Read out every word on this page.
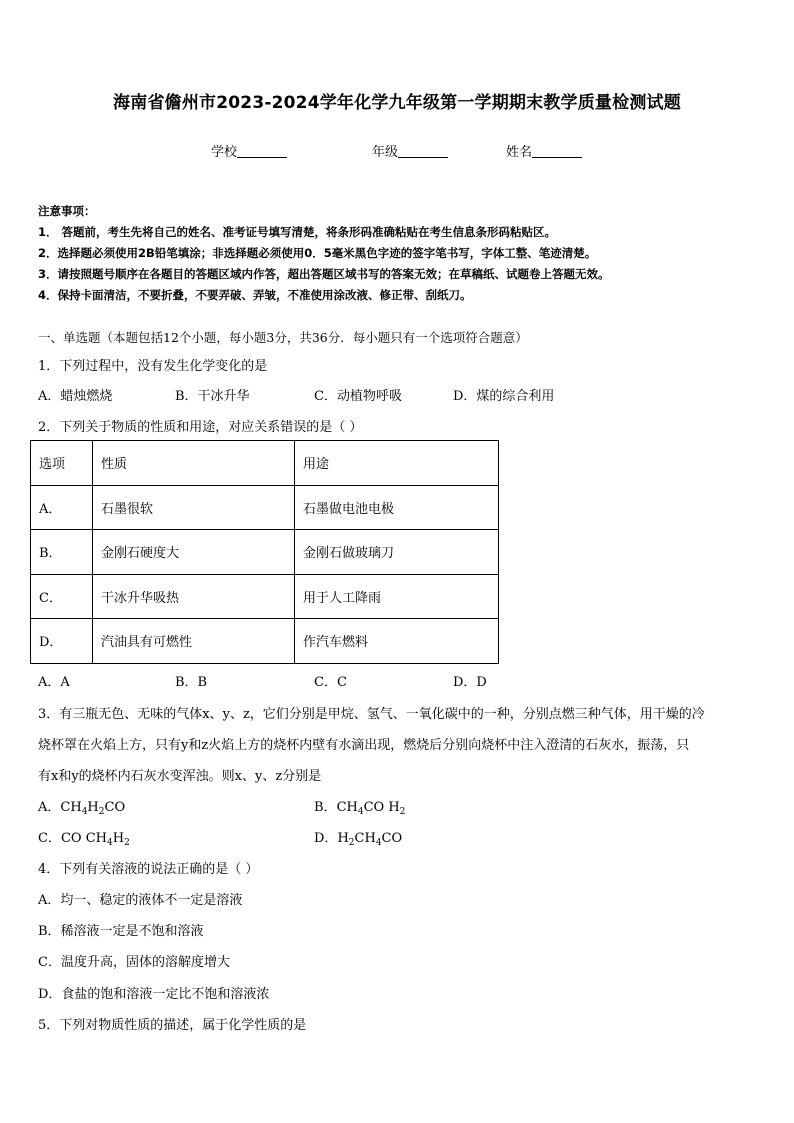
海南省儋州市2023-2024学年化学九年级第一学期期末教学质量检测试题
学校	年级	姓名
注意事项：
1． 答题前，考生先将自己的姓名、准考证号填写清楚，将条形码准确粘贴在考生信息条形码粘贴区。
2．选择题必须使用2B铅笔填涂；非选择题必须使用0．5毫米黑色字迹的签字笔书写，字体工整、笔迹清楚。
3．请按照题号顺序在各题目的答题区域内作答，超出答题区域书写的答案无效；在草稿纸、试题卷上答题无效。
4．保持卡面清洁，不要折叠，不要弄破、弄皱，不准使用涂改液、修正带、刮纸刀。
一、单选题（本题包括12个小题，每小题3分，共36分．每小题只有一个选项符合题意）
1．下列过程中，没有发生化学变化的是
A．蜡烛燃烧	B．干冰升华	C．动植物呼吸	D．煤的综合利用
2．下列关于物质的性质和用途，对应关系错误的是（ ）
选项	性质	用途
A．	石墨很软	石墨做电池电极
B．	金刚石硬度大	金刚石做玻璃刀
C．	干冰升华吸热	用于人工降雨
D．	汽油具有可燃性	作汽车燃料
A．A	B．B	C．C	D．D
3．有三瓶无色、无味的气体x、y、z，它们分别是甲烷、氢气、一氧化碳中的一种，分别点燃三种气体，用干燥的冷
烧杯罩在火焰上方，只有y和z火焰上方的烧杯内壁有水滴出现，燃烧后分别向烧杯中注入澄清的石灰水，振荡，只
有x和y的烧杯内石灰水变浑浊。则x、y、z分别是
A．$CH_4H_2CO$	B．$CH_4CO$ $H_2$
C．CO $CH_4H_2$	D．$H_2CH_4CO$
4．下列有关溶液的说法正确的是（ ）
A．均一、稳定的液体不一定是溶液
B．稀溶液一定是不饱和溶液
C．温度升高，固体的溶解度增大
D．食盐的饱和溶液一定比不饱和溶液浓
5．下列对物质性质的描述，属于化学性质的是
